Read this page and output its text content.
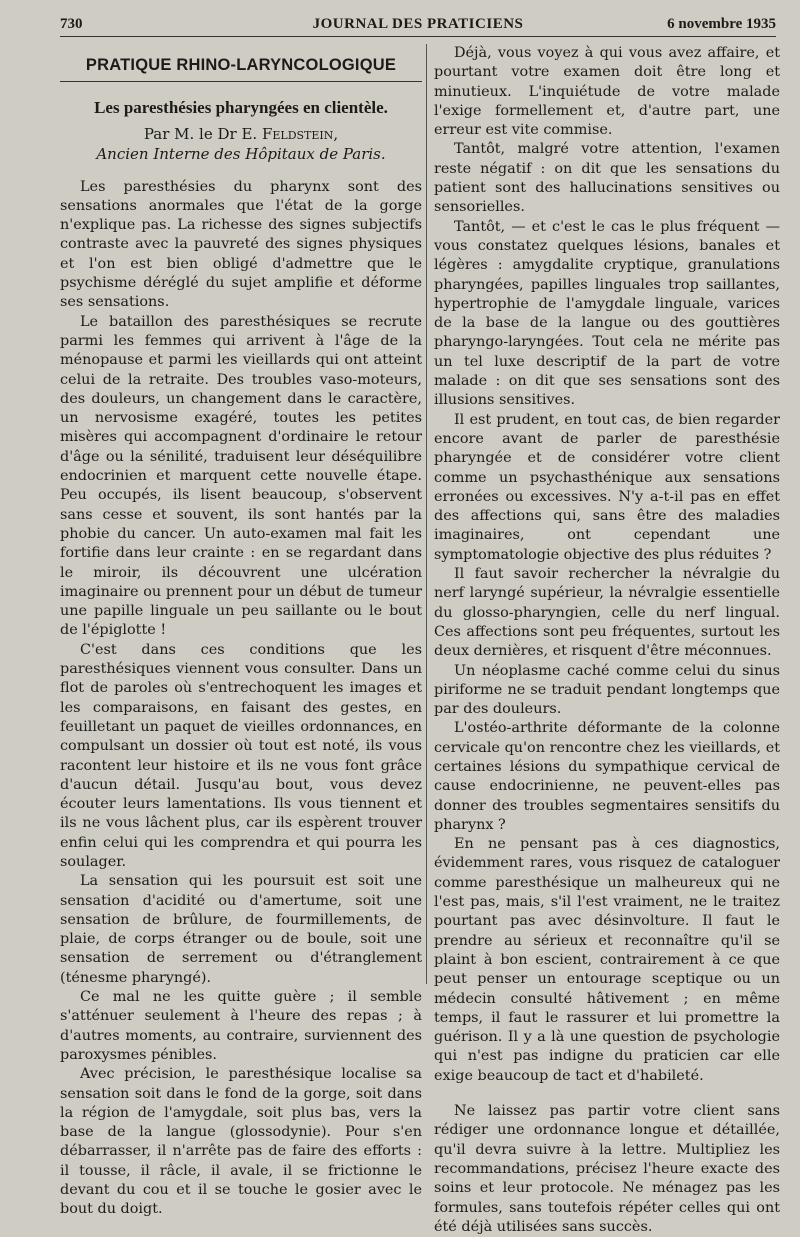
730	JOURNAL DES PRATICIENS	6 novembre 1935
PRATIQUE RHINO-LARYNCOLOGIQUE
Les paresthésies pharyngées en clientèle.
Par M. le Dr E. Feldstein,
Ancien Interne des Hôpitaux de Paris.

Les paresthésies du pharynx sont des sensations anormales que l'état de la gorge n'explique pas. La richesse des signes subjectifs contraste avec la pauvreté des signes physiques et l'on est bien obligé d'admettre que le psychisme déréglé du sujet amplifie et déforme ses sensations.

Le bataillon des paresthésiques se recrute parmi les femmes qui arrivent à l'âge de la ménopause et parmi les vieillards qui ont atteint celui de la retraite. Des troubles vaso-moteurs, des douleurs, un changement dans le caractère, un nervosisme exagéré, toutes les petites misères qui accompagnent d'ordinaire le retour d'âge ou la sénilité, traduisent leur déséquilibre endocrinien et marquent cette nouvelle étape. Peu occupés, ils lisent beaucoup, s'observent sans cesse et souvent, ils sont hantés par la phobie du cancer. Un auto-examen mal fait les fortifie dans leur crainte : en se regardant dans le miroir, ils découvrent une ulcération imaginaire ou prennent pour un début de tumeur une papille linguale un peu saillante ou le bout de l'épiglotte !

C'est dans ces conditions que les paresthésiques viennent vous consulter. Dans un flot de paroles où s'entrechoquent les images et les comparaisons, en faisant des gestes, en feuilletant un paquet de vieilles ordonnances, en compulsant un dossier où tout est noté, ils vous racontent leur histoire et ils ne vous font grâce d'aucun détail. Jusqu'au bout, vous devez écouter leurs lamentations. Ils vous tiennent et ils ne vous lâchent plus, car ils espèrent trouver enfin celui qui les comprendra et qui pourra les soulager.

La sensation qui les poursuit est soit une sensation d'acidité ou d'amertume, soit une sensation de brûlure, de fourmillements, de plaie, de corps étranger ou de boule, soit une sensation de serrement ou d'étranglement (ténesme pharyngé).

Ce mal ne les quitte guère ; il semble s'atténuer seulement à l'heure des repas ; à d'autres moments, au contraire, surviennent des paroxysmes pénibles.

Avec précision, le paresthésique localise sa sensation soit dans le fond de la gorge, soit dans la région de l'amygdale, soit plus bas, vers la base de la langue (glossodynie). Pour s'en débarrasser, il n'arrête pas de faire des efforts : il tousse, il râcle, il avale, il se frictionne le devant du cou et il se touche le gosier avec le bout du doigt.

Déjà, vous voyez à qui vous avez affaire, et pourtant votre examen doit être long et minutieux. L'inquiétude de votre malade l'exige formellement et, d'autre part, une erreur est vite commise.

Tantôt, malgré votre attention, l'examen reste négatif : on dit que les sensations du patient sont des hallucinations sensitives ou sensorielles.

Tantôt, — et c'est le cas le plus fréquent — vous constatez quelques lésions, banales et légères : amygdalite cryptique, granulations pharyngées, papilles linguales trop saillantes, hypertrophie de l'amygdale linguale, varices de la base de la langue ou des gouttières pharyngo-laryngées. Tout cela ne mérite pas un tel luxe descriptif de la part de votre malade : on dit que ses sensations sont des illusions sensitives.

Il est prudent, en tout cas, de bien regarder encore avant de parler de paresthésie pharyngée et de considérer votre client comme un psychasthénique aux sensations erronées ou excessives. N'y a-t-il pas en effet des affections qui, sans être des maladies imaginaires, ont cependant une symptomatologie objective des plus réduites ?

Il faut savoir rechercher la névralgie du nerf laryngé supérieur, la névralgie essentielle du glosso-pharyngien, celle du nerf lingual. Ces affections sont peu fréquentes, surtout les deux dernières, et risquent d'être méconnues.

Un néoplasme caché comme celui du sinus piriforme ne se traduit pendant longtemps que par des douleurs.

L'ostéo-arthrite déformante de la colonne cervicale qu'on rencontre chez les vieillards, et certaines lésions du sympathique cervical de cause endocrinienne, ne peuvent-elles pas donner des troubles segmentaires sensitifs du pharynx ?

En ne pensant pas à ces diagnostics, évidemment rares, vous risquez de cataloguer comme paresthésique un malheureux qui ne l'est pas, mais, s'il l'est vraiment, ne le traitez pourtant pas avec désinvolture. Il faut le prendre au sérieux et reconnaître qu'il se plaint à bon escient, contrairement à ce que peut penser un entourage sceptique ou un médecin consulté hâtivement ; en même temps, il faut le rassurer et lui promettre la guérison. Il y a là une question de psychologie qui n'est pas indigne du praticien car elle exige beaucoup de tact et d'habileté.

Ne laissez pas partir votre client sans rédiger une ordonnance longue et détaillée, qu'il devra suivre à la lettre. Multipliez les recommandations, précisez l'heure exacte des soins et leur protocole. Ne ménagez pas les formules, sans toutefois répéter celles qui ont été déjà utilisées sans succès.
